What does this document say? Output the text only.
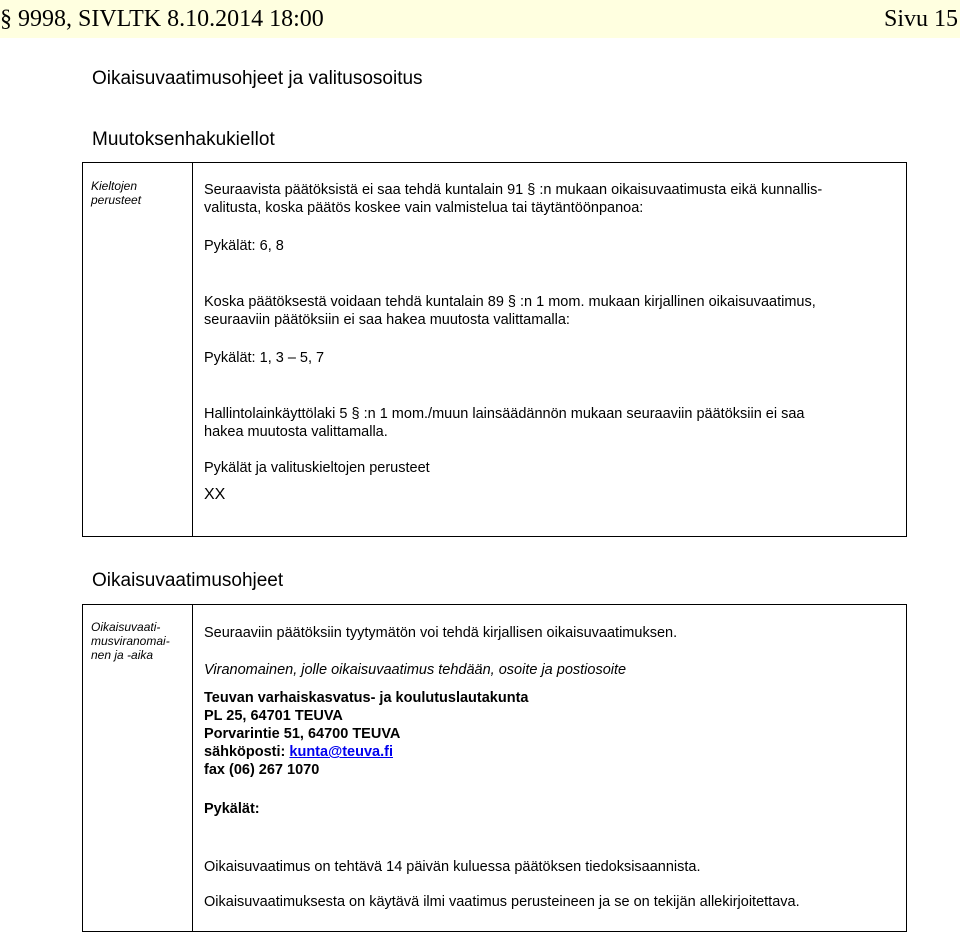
§ 9998, SIVLTK 8.10.2014 18:00	Sivu 15
Oikaisuvaatimusohjeet ja valitusosoitus
Muutoksenhakukiellot
Kieltojen
perusteet
Seuraavista päätöksistä ei saa tehdä kuntalain 91 § :n mukaan oikaisuvaatimusta eikä kunnallis-
valitusta, koska päätös koskee vain valmistelua tai täytäntöönpanoa:
Pykälät: 6, 8
Koska päätöksestä voidaan tehdä kuntalain 89 § :n 1 mom. mukaan kirjallinen oikaisuvaatimus,
seuraaviin päätöksiin ei saa hakea muutosta valittamalla:
Pykälät: 1, 3 – 5, 7
Hallintolainkäyttölaki 5 § :n 1 mom./muun lainsäädännön mukaan seuraaviin päätöksiin ei saa
hakea muutosta valittamalla.
Pykälät ja valituskieltojen perusteet
XX
Oikaisuvaatimusohjeet
Oikaisuvaati-
musviranomai-
nen ja -aika
Seuraaviin päätöksiin tyytymätön voi tehdä kirjallisen oikaisuvaatimuksen.
Viranomainen, jolle oikaisuvaatimus tehdään, osoite ja postiosoite
Teuvan varhaiskasvatus- ja koulutuslautakunta
PL 25, 64701 TEUVA
Porvarintie 51, 64700 TEUVA
sähköposti: kunta@teuva.fi
fax (06) 267 1070
Pykälät:
Oikaisuvaatimus on tehtävä 14 päivän kuluessa päätöksen tiedoksisaannista.
Oikaisuvaatimuksesta on käytävä ilmi vaatimus perusteineen ja se on tekijän allekirjoitettava.
